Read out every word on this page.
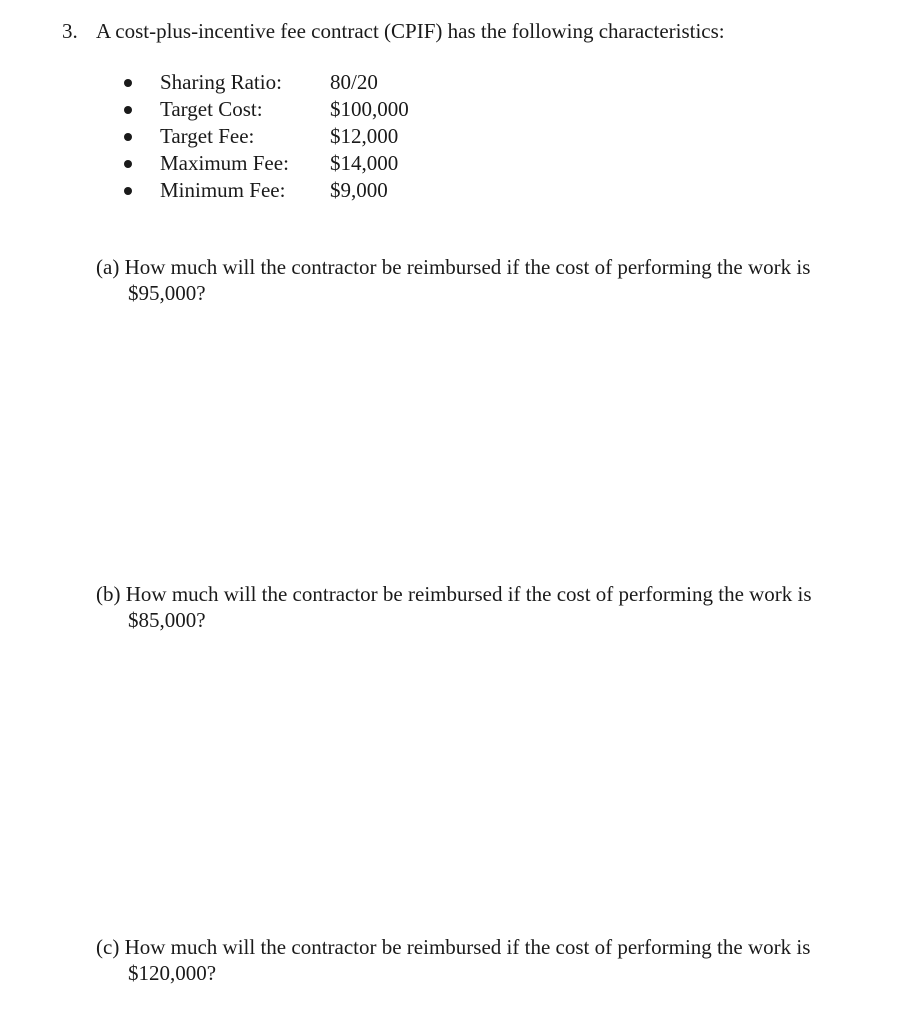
3. A cost-plus-incentive fee contract (CPIF) has the following characteristics:
Sharing Ratio: 80/20
Target Cost:	$100,000
Target Fee:	$12,000
Maximum Fee: $14,000
Minimum Fee: $9,000
(a) How much will the contractor be reimbursed if the cost of performing the work is
$95,000?
(b) How much will the contractor be reimbursed if the cost of performing the work is
$85,000?
(c) How much will the contractor be reimbursed if the cost of performing the work is
$120,000?
